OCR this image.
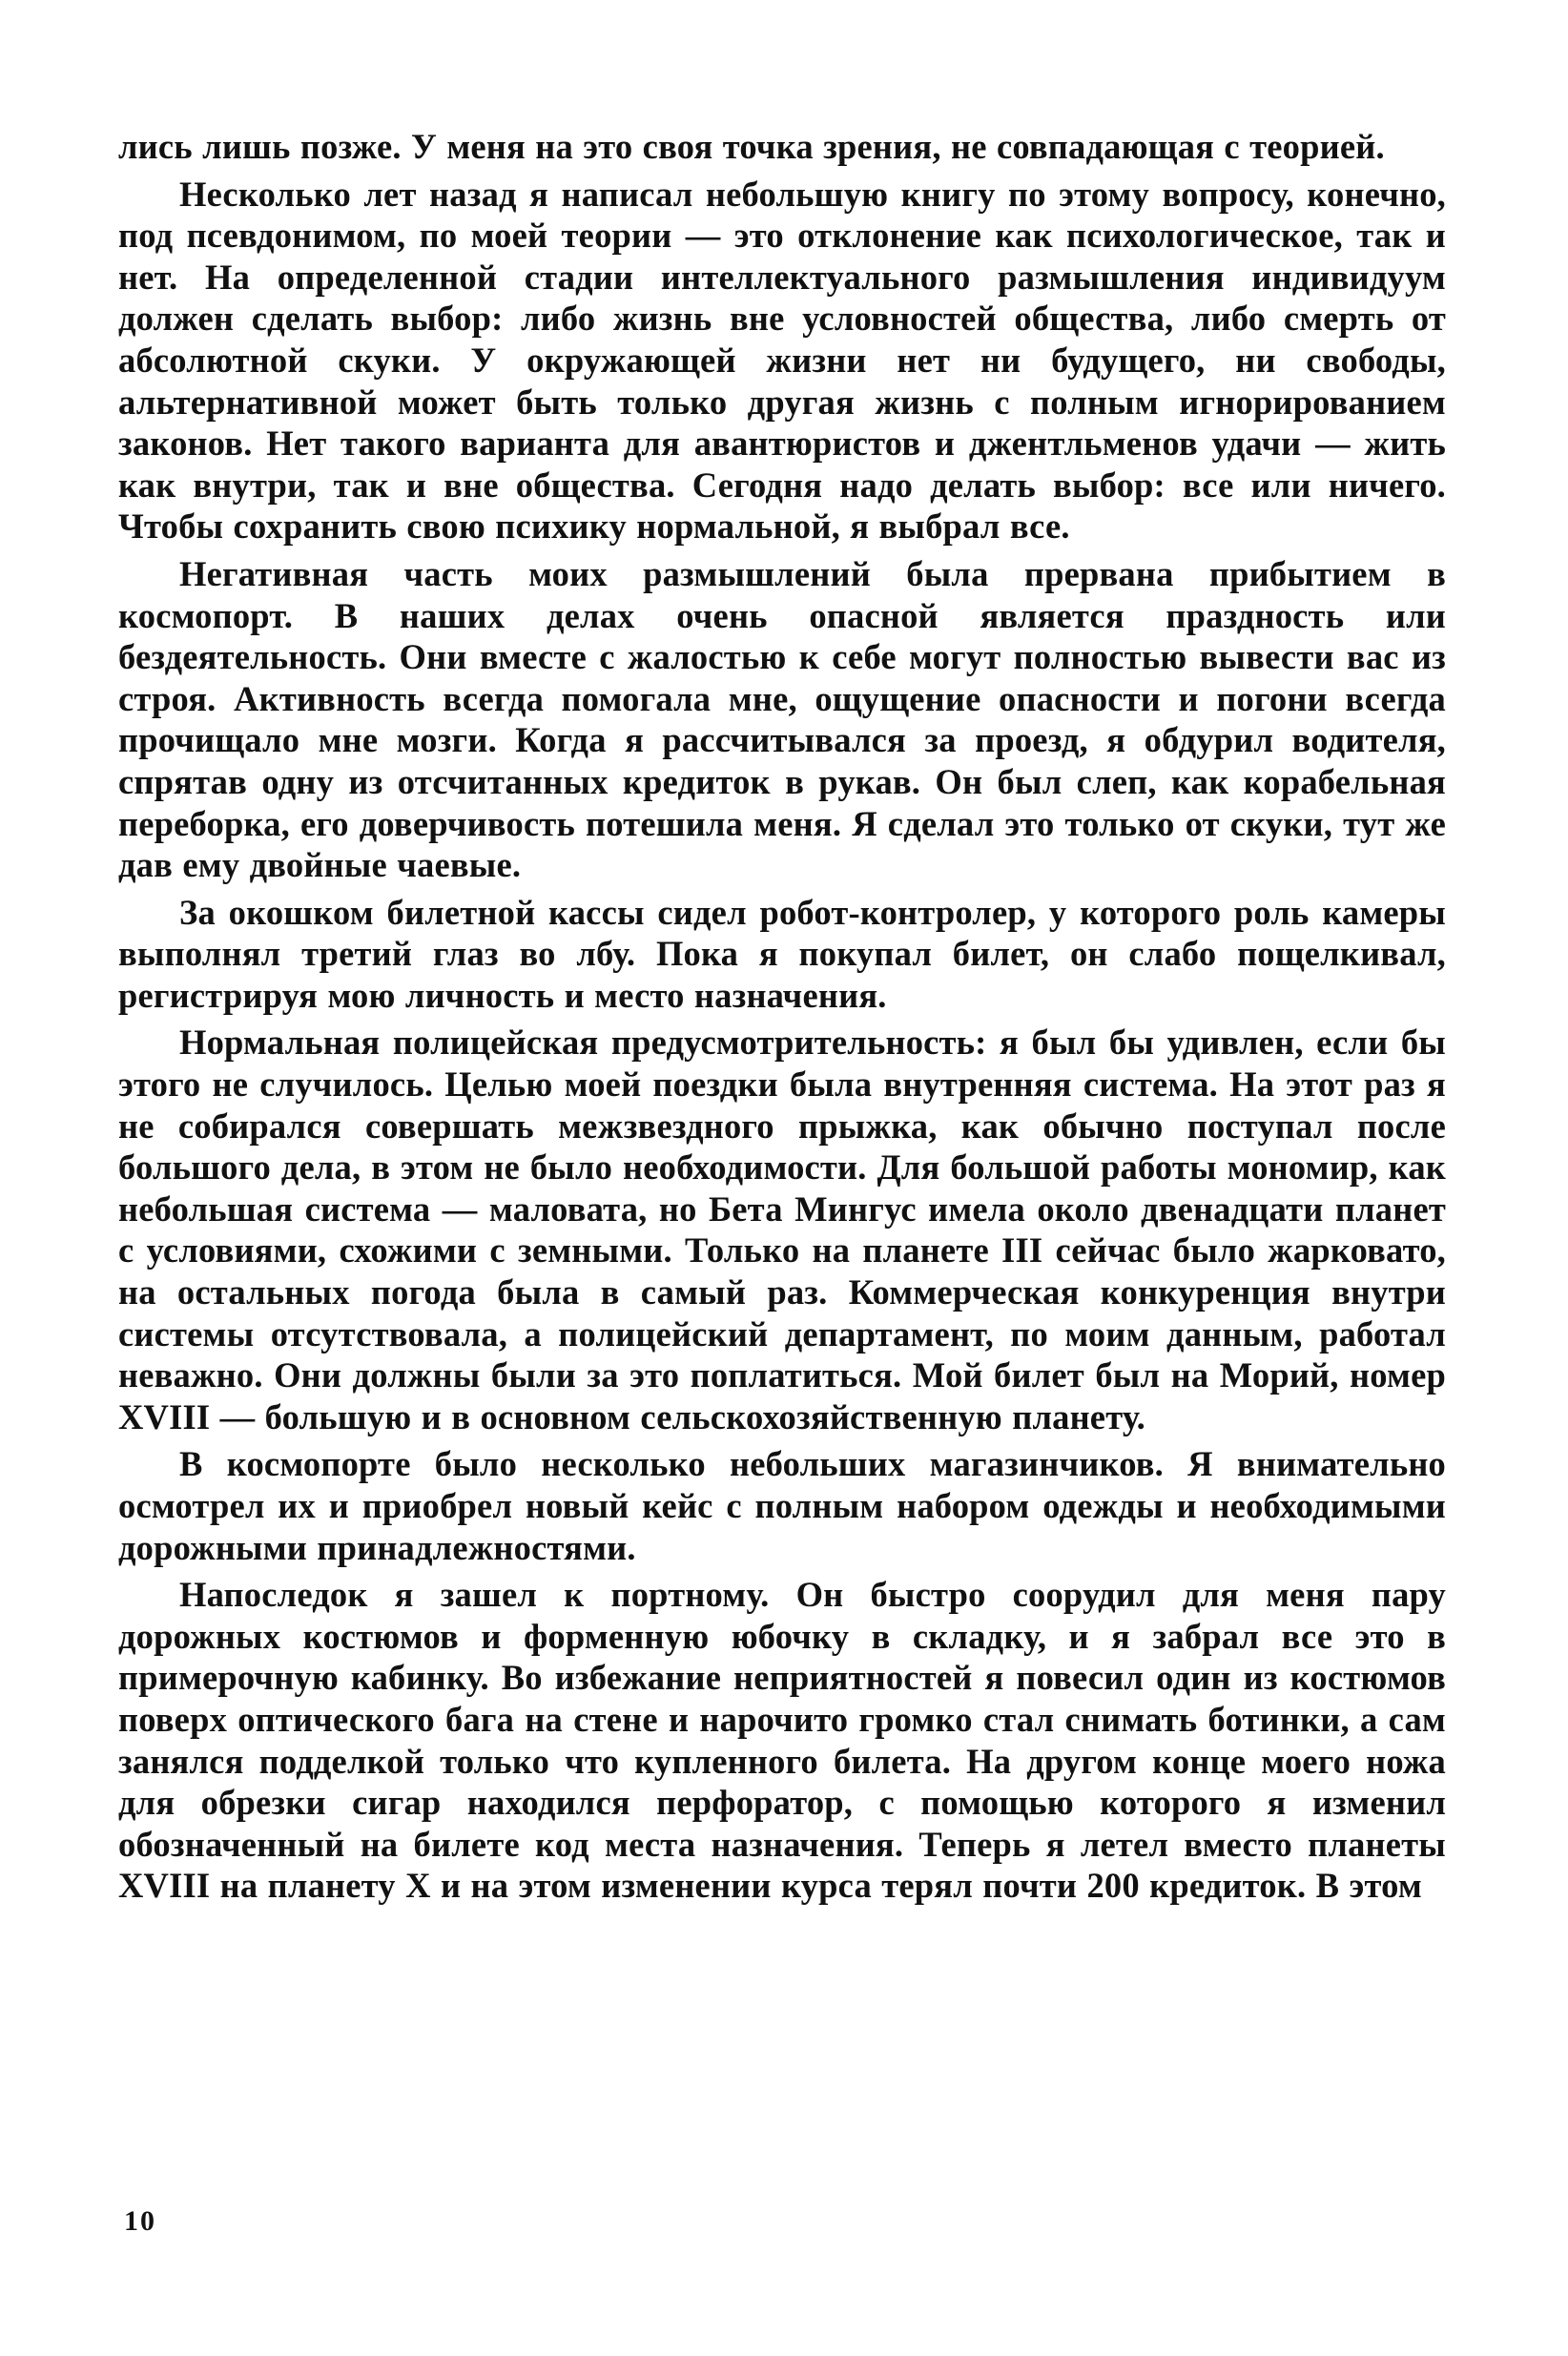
лись лишь позже. У меня на это своя точка зрения, не совпадающая с теорией.

Несколько лет назад я написал небольшую книгу по этому вопросу, конечно, под псевдонимом, по моей теории — это отклонение как психологическое, так и нет. На определенной стадии интеллектуального размышления индивидуум должен сделать выбор: либо жизнь вне условностей общества, либо смерть от абсолютной скуки. У окружающей жизни нет ни будущего, ни свободы, альтернативной может быть только другая жизнь с полным игнорированием законов. Нет такого варианта для авантюристов и джентльменов удачи — жить как внутри, так и вне общества. Сегодня надо делать выбор: все или ничего. Чтобы сохранить свою психику нормальной, я выбрал все.

Негативная часть моих размышлений была прервана прибытием в космопорт. В наших делах очень опасной является праздность или бездеятельность. Они вместе с жалостью к себе могут полностью вывести вас из строя. Активность всегда помогала мне, ощущение опасности и погони всегда прочищало мне мозги. Когда я рассчитывался за проезд, я обдурил водителя, спрятав одну из отсчитанных кредиток в рукав. Он был слеп, как корабельная переборка, его доверчивость потешила меня. Я сделал это только от скуки, тут же дав ему двойные чаевые.

За окошком билетной кассы сидел робот-контролер, у которого роль камеры выполнял третий глаз во лбу. Пока я покупал билет, он слабо пощелкивал, регистрируя мою личность и место назначения.

Нормальная полицейская предусмотрительность: я был бы удивлен, если бы этого не случилось. Целью моей поездки была внутренняя система. На этот раз я не собирался совершать межзвездного прыжка, как обычно поступал после большого дела, в этом не было необходимости. Для большой работы мономир, как небольшая система — маловата, но Бета Мингус имела около двенадцати планет с условиями, схожими с земными. Только на планете III сейчас было жарковато, на остальных погода была в самый раз. Коммерческая конкуренция внутри системы отсутствовала, а полицейский департамент, по моим данным, работал неважно. Они должны были за это поплатиться. Мой билет был на Морий, номер XVIII — большую и в основном сельскохозяйственную планету.

В космопорте было несколько небольших магазинчиков. Я внимательно осмотрел их и приобрел новый кейс с полным набором одежды и необходимыми дорожными принадлежностями.

Напоследок я зашел к портному. Он быстро соорудил для меня пару дорожных костюмов и форменную юбочку в складку, и я забрал все это в примерочную кабинку. Во избежание неприятностей я повесил один из костюмов поверх оптического бага на стене и нарочито громко стал снимать ботинки, а сам занялся подделкой только что купленного билета. На другом конце моего ножа для обрезки сигар находился перфоратор, с помощью которого я изменил обозначенный на билете код места назначения. Теперь я летел вместо планеты XVIII на планету X и на этом изменении курса терял почти 200 кредиток. В этом

10
